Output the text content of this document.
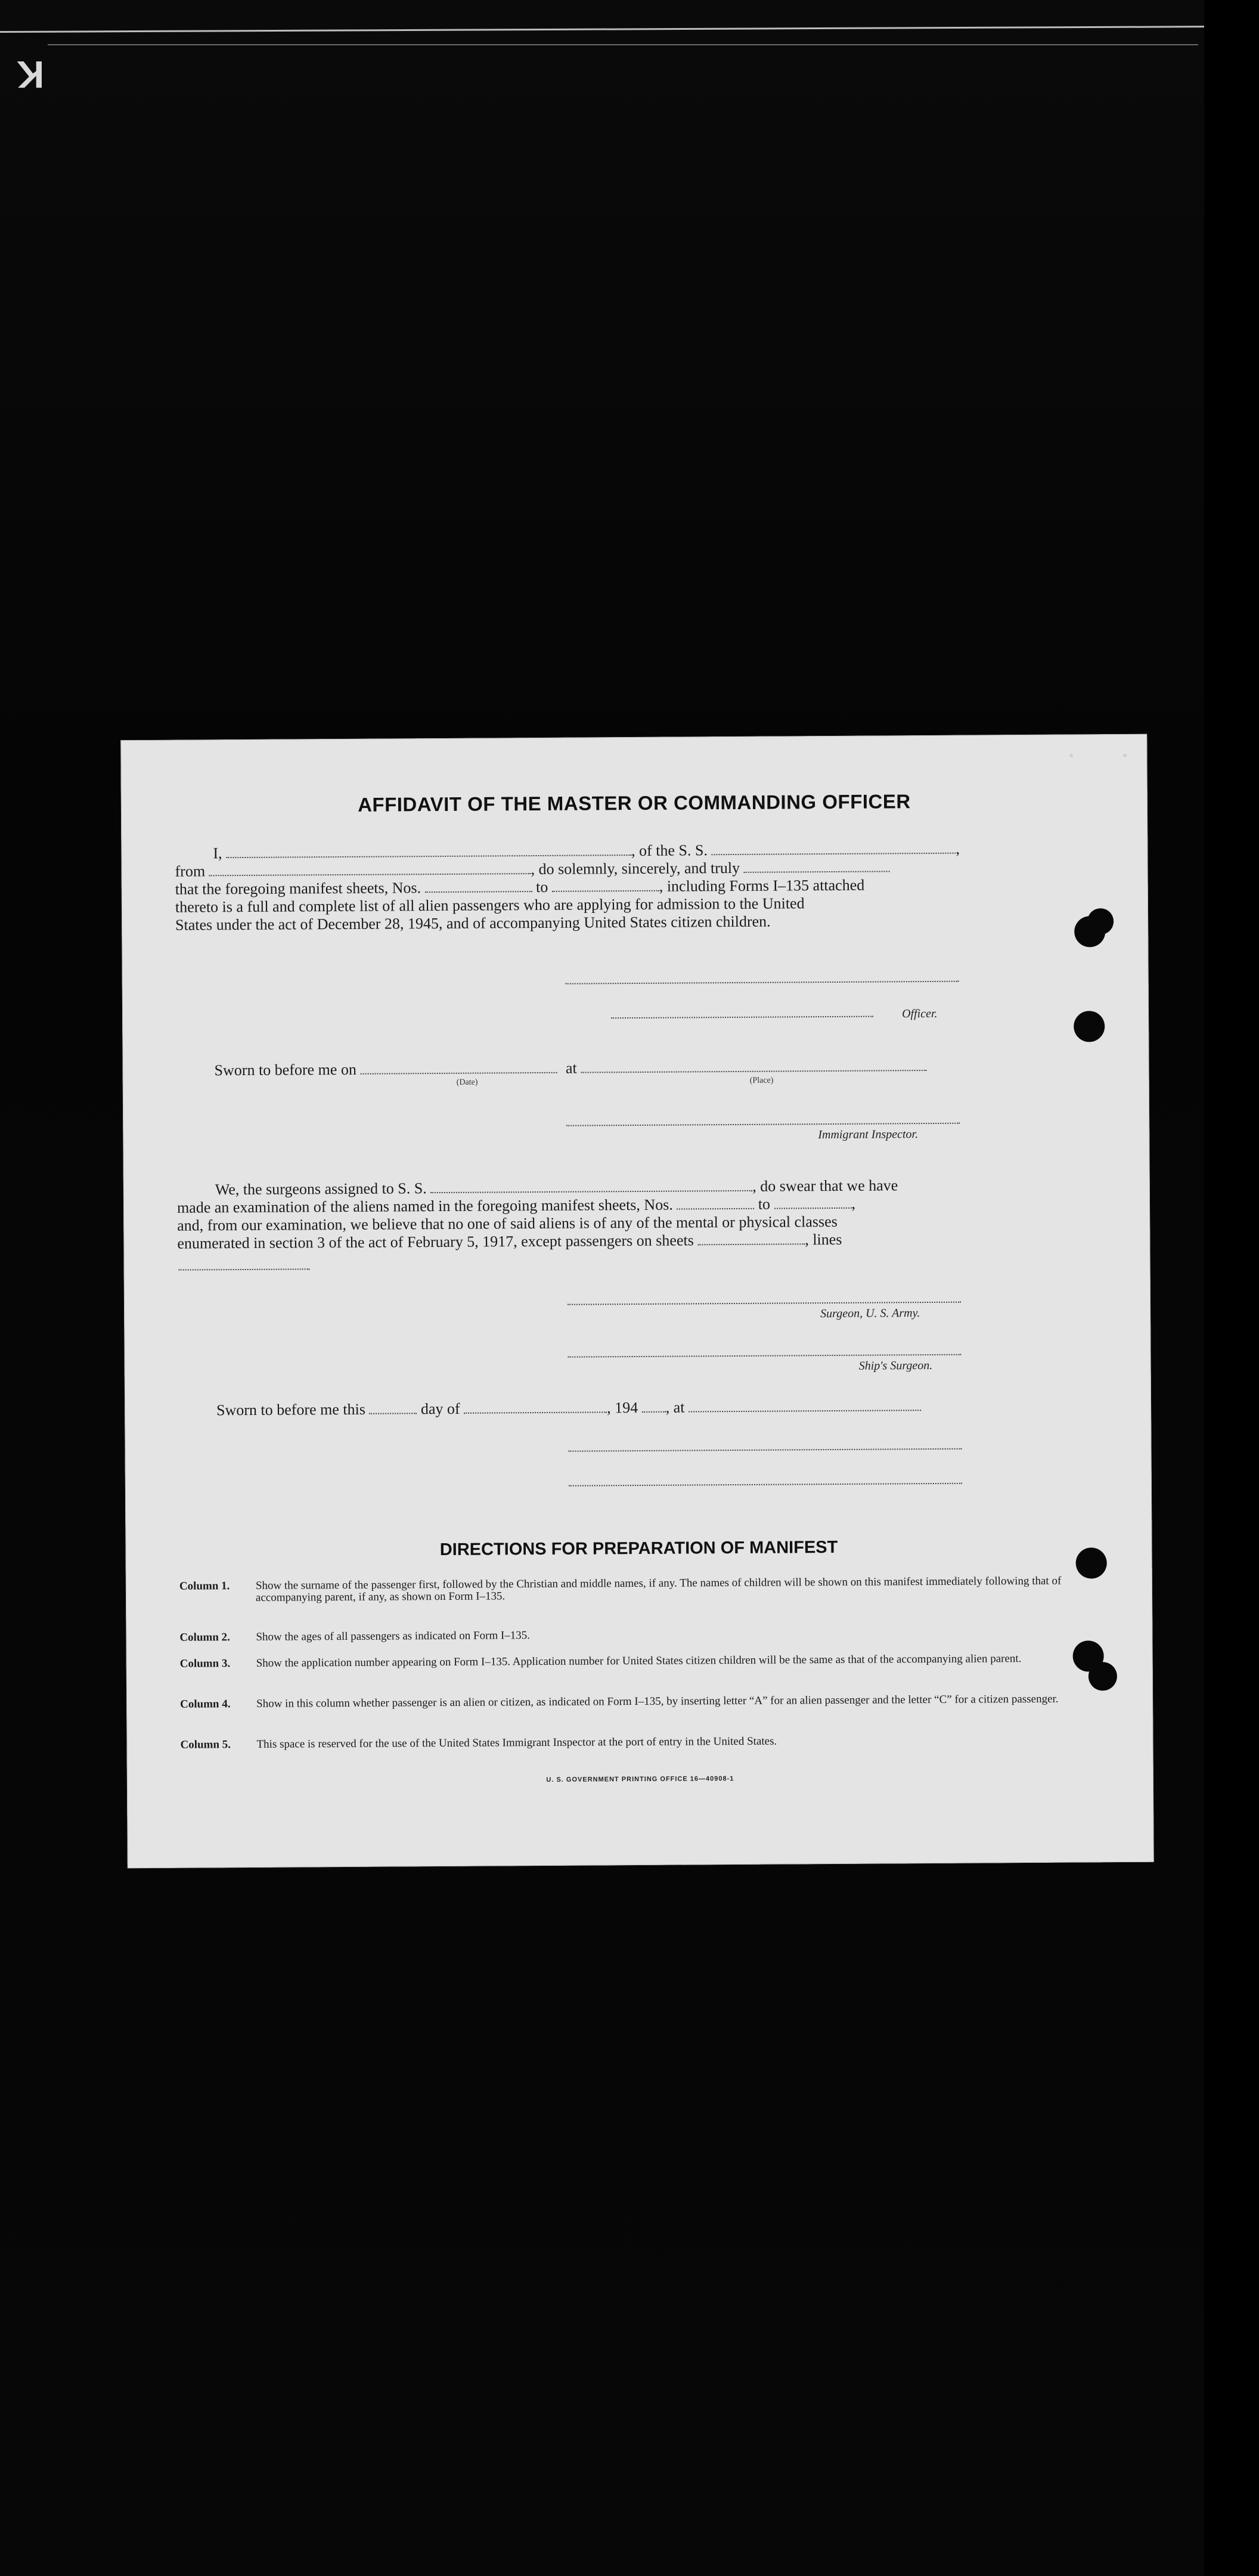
K
AFFIDAVIT OF THE MASTER OR COMMANDING OFFICER
I,	, of the S. S.	,
from	, do solemnly, sincerely, and truly
that the foregoing manifest sheets, Nos.	to	, including Forms I–135 attached
thereto is a full and complete list of all alien passengers who are applying for admission to the United
States under the act of December 28, 1945, and of accompanying United States citizen children.
Officer.
Sworn to before me on	at
(Date)	(Place)
Immigrant Inspector.
We, the surgeons assigned to S. S.	, do swear that we have
made an examination of the aliens named in the foregoing manifest sheets, Nos.	to	,
and, from our examination, we believe that no one of said aliens is of any of the mental or physical classes
enumerated in section 3 of the act of February 5, 1917, except passengers on sheets	, lines
Surgeon, U. S. Army.
Ship's Surgeon.
Sworn to before me this	day of	, 194 , at
DIRECTIONS FOR PREPARATION OF MANIFEST
Column 1.	Show the surname of the passenger first, followed by the Christian and middle names, if any. The names of children will be shown on this manifest immediately following that of accompanying parent, if any, as shown on Form I–135.
Column 2.	Show the ages of all passengers as indicated on Form I–135.
Column 3.	Show the application number appearing on Form I–135. Application number for United States citizen children will be the same as that of the accompanying alien parent.
Column 4.	Show in this column whether passenger is an alien or citizen, as indicated on Form I–135, by inserting letter “A” for an alien passenger and the letter “C” for a citizen passenger.
Column 5.	This space is reserved for the use of the United States Immigrant Inspector at the port of entry in the United States.
U. S. GOVERNMENT PRINTING OFFICE 16—40908-1
